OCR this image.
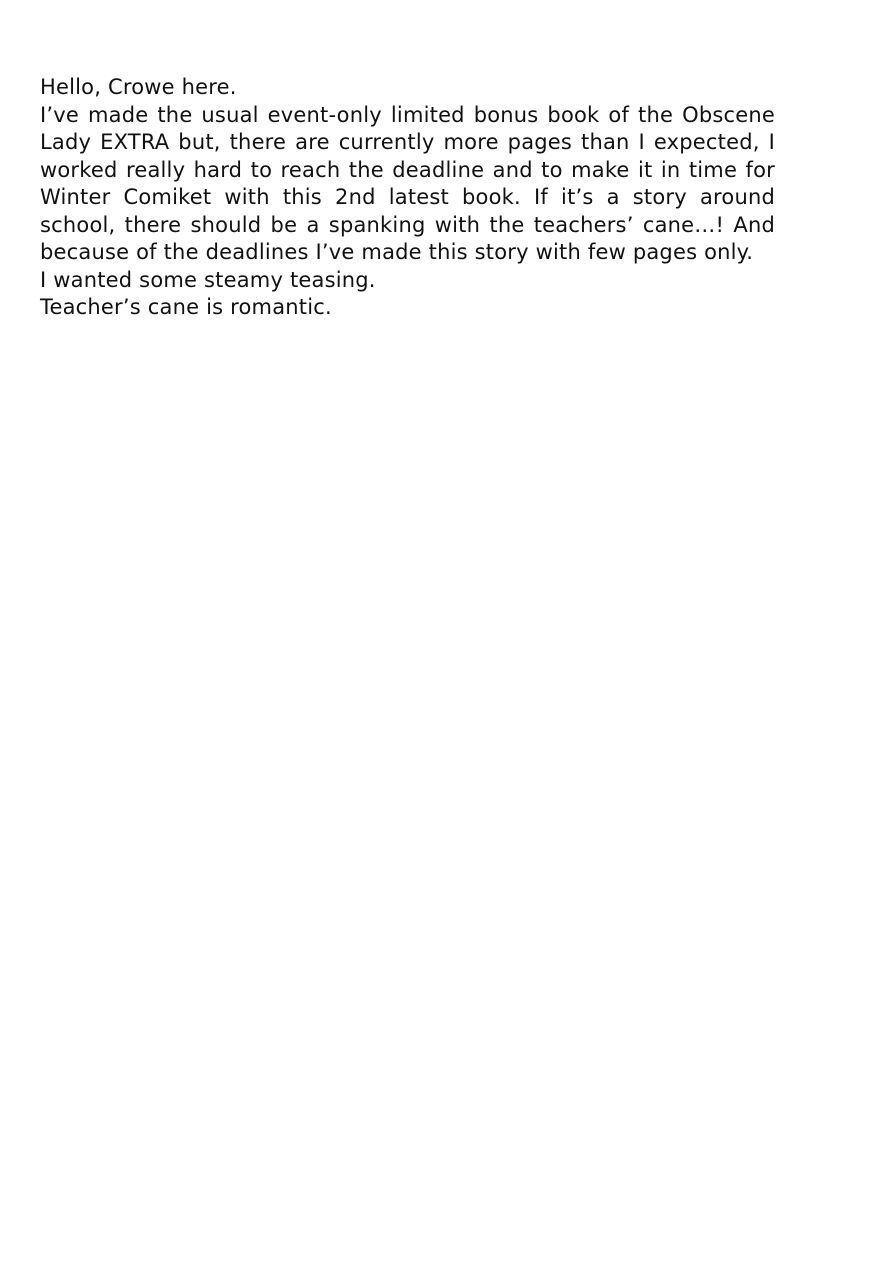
Hello, Crowe here.

I’ve made the usual event-only limited bonus book of the Obscene Lady EXTRA but, there are currently more pages than I expected, I worked really hard to reach the deadline and to make it in time for Winter Comiket with this 2nd latest book. If it’s a story around school, there should be a spanking with the teachers’ cane…! And because of the deadlines I’ve made this story with few pages only.

I wanted some steamy teasing.

Teacher’s cane is romantic.
